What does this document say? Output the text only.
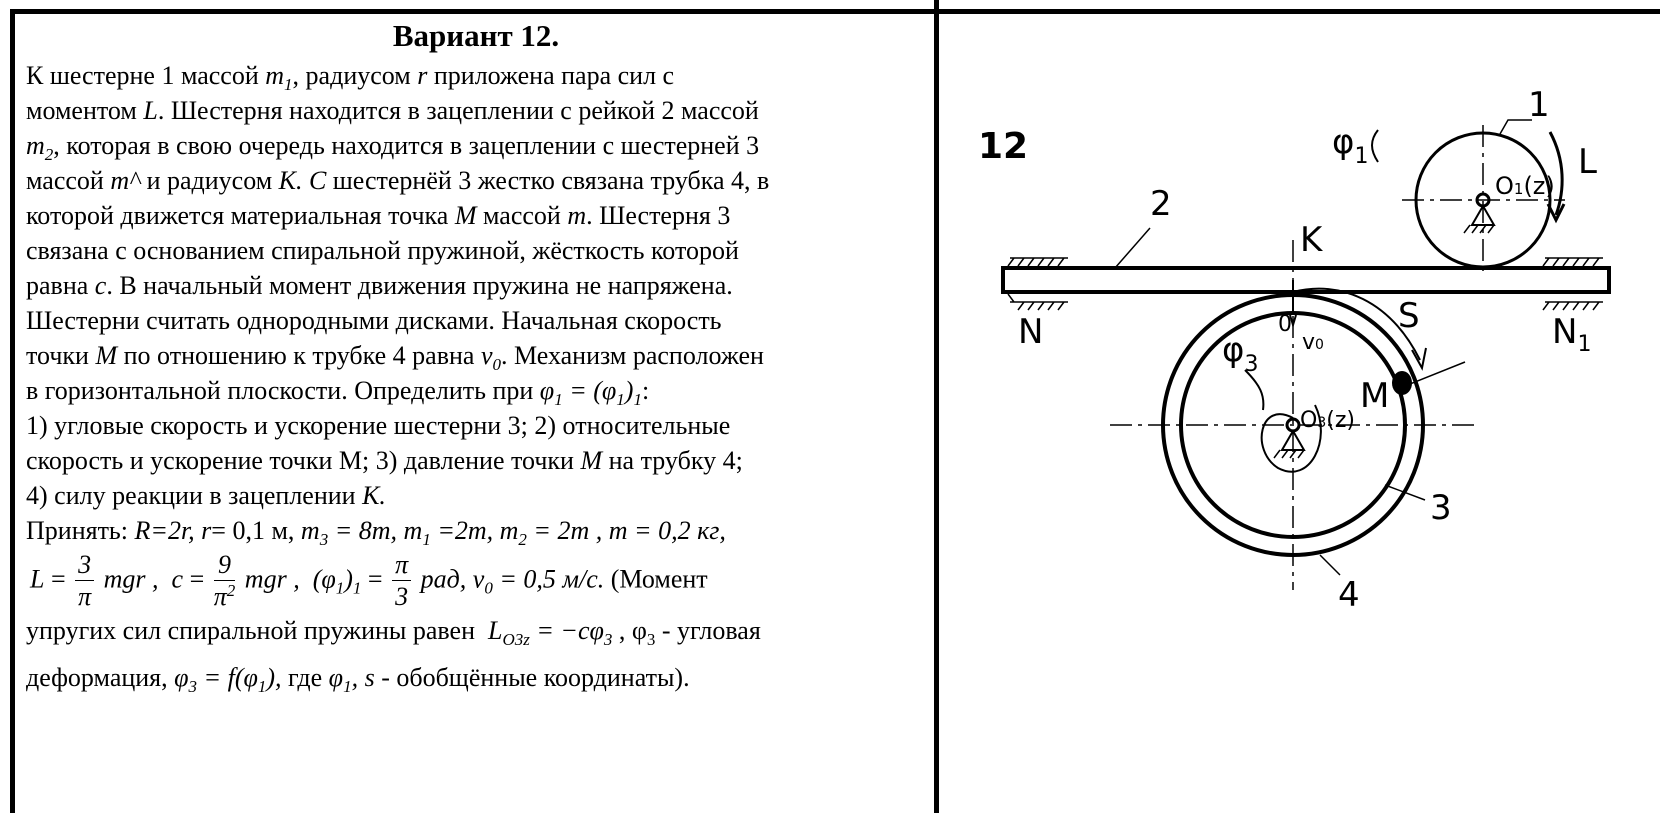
Вариант 12.
К шестерне 1 массой $m_1$, радиусом r приложена пара сил с
моментом L. Шестерня находится в зацеплении с рейкой 2 массой
$m_2$, которая в свою очередь находится в зацеплении с шестерней 3
массой m^ и радиусом К. С шестернёй 3 жестко связана трубка 4, в
которой движется материальная точка М массой m. Шестерня 3
связана с основанием спиральной пружиной, жёсткость которой
равна с. В начальный момент движения пружина не напряжена.
Шестерни считать однородными дисками. Начальная скорость
точки М по отношению к трубке 4 равна $v_0$. Механизм расположен
в горизонтальной плоскости. Определить при $\varphi_1 = (\varphi_1)_1$:
1) угловые скорость и ускорение шестерни 3; 2) относительные
скорость и ускорение точки М; 3) давление точки М на трубку 4;
4) силу реакции в зацеплении К.
Принять: R=2r, r= 0,1 м, $m_3 = 8m$, $m_1 =2m$, $m_2 = 2m$ , m = 0,2 кг,
$L = \frac{3}{\pi}$ mgr , $c = \frac{9}{\pi^2}$ mgr , $(\varphi_1)_1 = \frac{\pi}{3}$ рад, $v_0 = 0,5$ м/с. (Момент
упругих сил спиральной пружины равен  $L_{O3z} = -c\varphi_3$ , $\varphi_3$ - угловая
деформация, $\varphi_3 = f(\varphi_1)$, где $\varphi_1$, s - обобщённые координаты).
12
1
L
2
K
S
M
3
4
N	$N_1$
$\varphi_1$
$\varphi_3$
O1(z)
O3(z)
0
v0
